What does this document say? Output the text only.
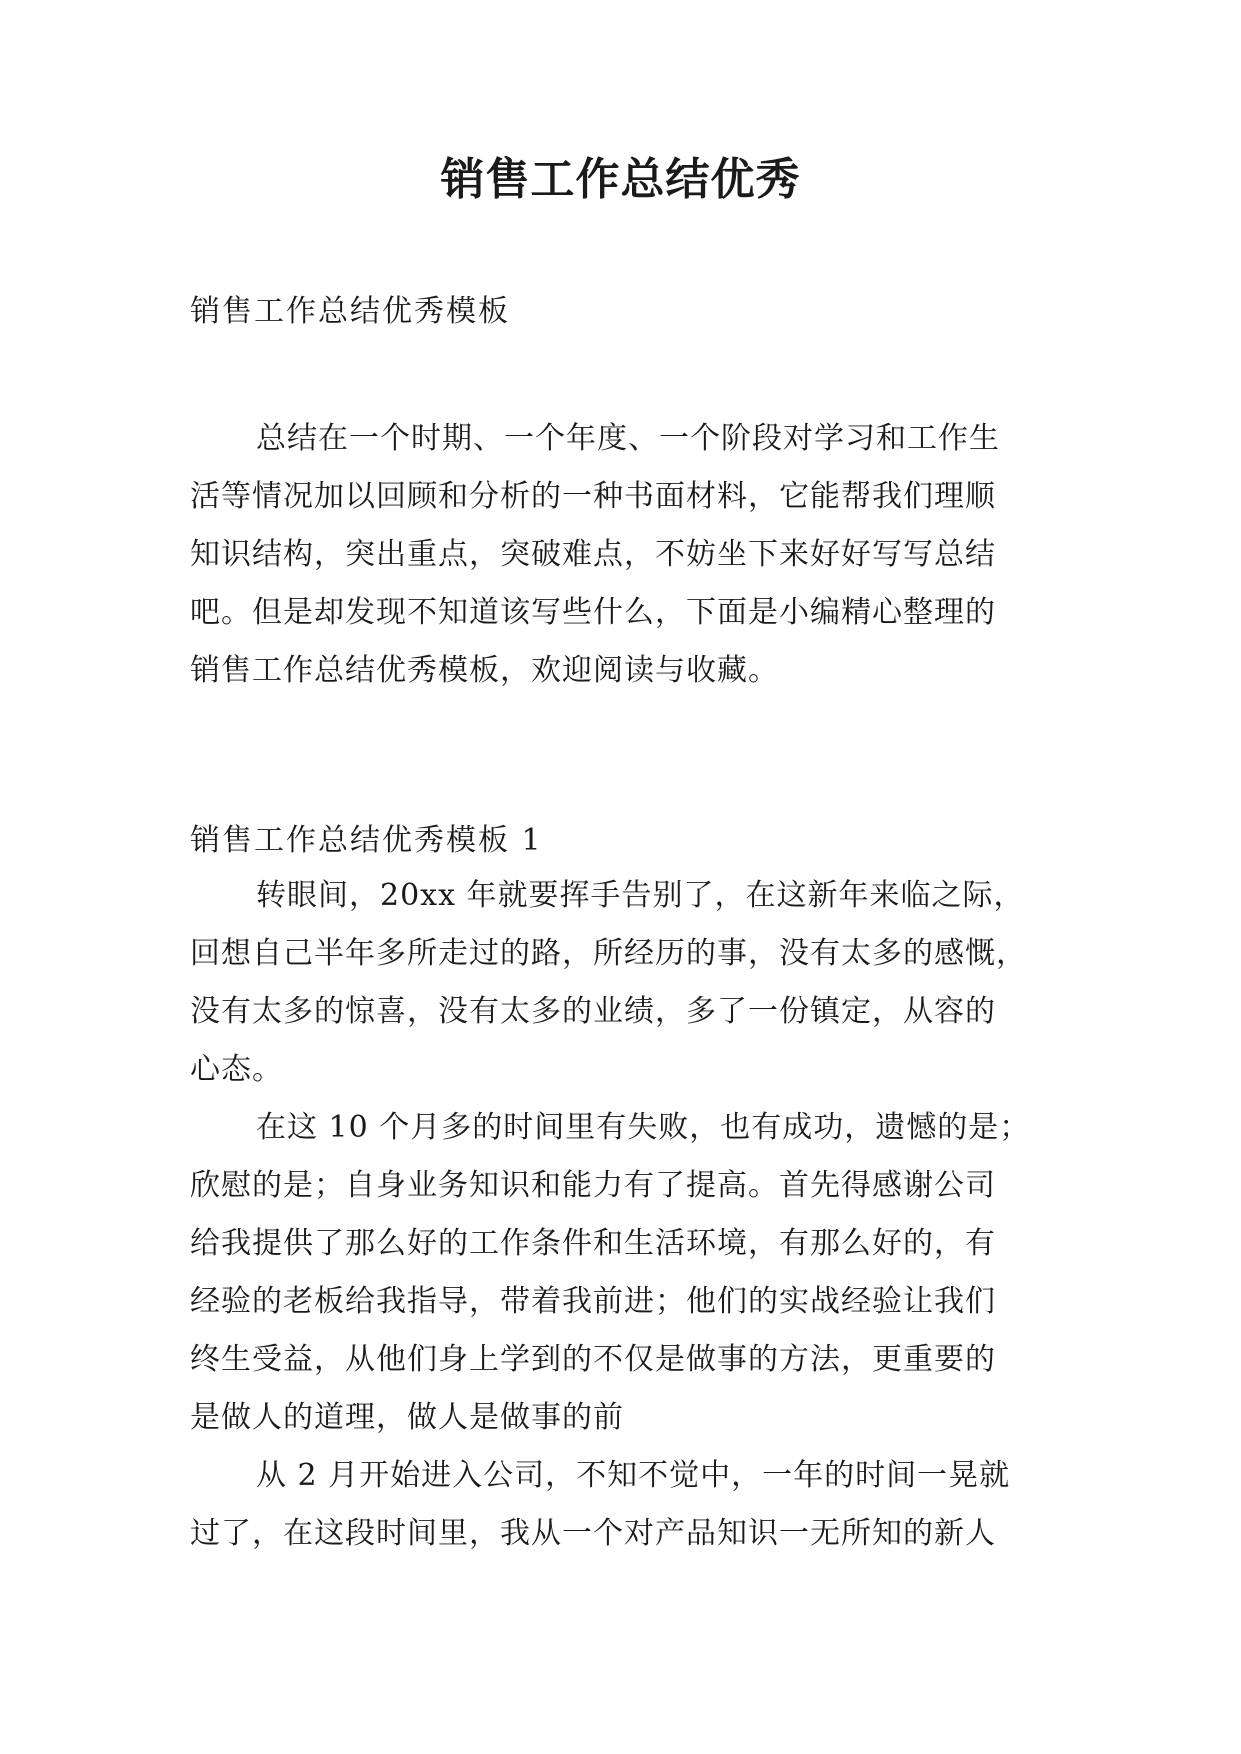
销售工作总结优秀
销售工作总结优秀模板
总结在一个时期、一个年度、一个阶段对学习和工作生
活等情况加以回顾和分析的一种书面材料，它能帮我们理顺
知识结构，突出重点，突破难点，不妨坐下来好好写写总结
吧。但是却发现不知道该写些什么，下面是小编精心整理的
销售工作总结优秀模板，欢迎阅读与收藏。
销售工作总结优秀模板 1
转眼间，20xx 年就要挥手告别了，在这新年来临之际，
回想自己半年多所走过的路，所经历的事，没有太多的感慨，
没有太多的惊喜，没有太多的业绩，多了一份镇定，从容的
心态。
在这 10 个月多的时间里有失败，也有成功，遗憾的是；
欣慰的是；自身业务知识和能力有了提高。首先得感谢公司
给我提供了那么好的工作条件和生活环境，有那么好的，有
经验的老板给我指导，带着我前进；他们的实战经验让我们
终生受益，从他们身上学到的不仅是做事的方法，更重要的
是做人的道理，做人是做事的前
从 2 月开始进入公司，不知不觉中，一年的时间一晃就
过了，在这段时间里，我从一个对产品知识一无所知的新人
